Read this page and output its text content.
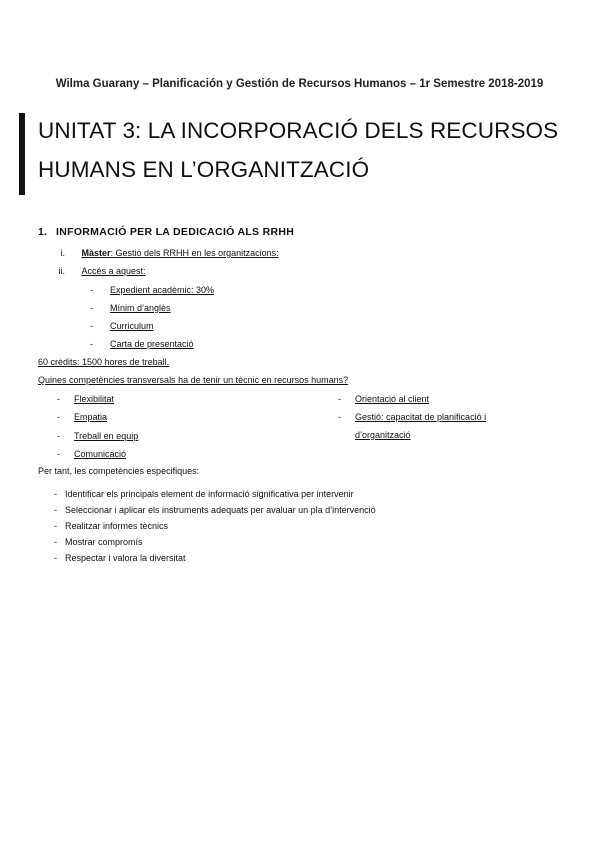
Wilma Guarany – Planificación y Gestión de Recursos Humanos – 1r Semestre 2018-2019
UNITAT 3: LA INCORPORACIÓ DELS RECURSOS
HUMANS EN L’ORGANITZACIÓ
1. INFORMACIÓ PER LA DEDICACIÓ ALS RRHH
i. Màster: Gestió dels RRHH en les organitzacions:
ii. Accés a aquest:
- Expedient acadèmic: 30%
- Mínim d’anglès
- Curriculum
- Carta de presentació
60 crèdits: 1500 hores de treball.
Quines competències transversals ha de tenir un tècnic en recursos humans?
- Flexibilitat
- Empatia
- Treball en equip
- Comunicació
- Orientació al client
- Gestió: capacitat de planificació i
d’organització
Per tant, les competències especifiques:
- Identificar els principals element de informació significativa per intervenir
- Seleccionar i aplicar els instruments adequats per avaluar un pla d’intervenció
- Realitzar informes tècnics
- Mostrar compromís
- Respectar i valora la diversitat
